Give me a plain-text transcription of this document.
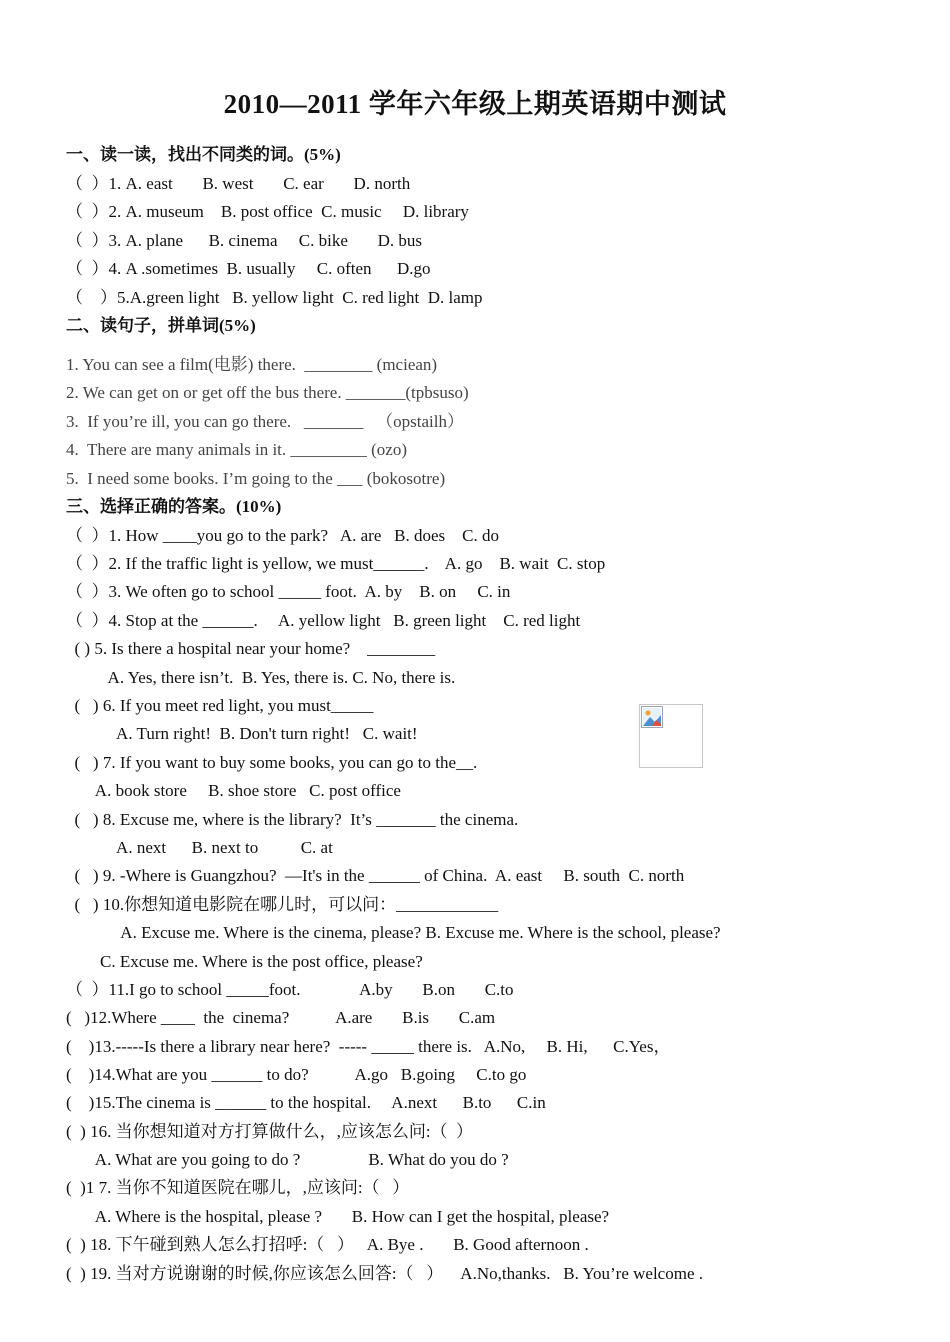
2010—2011 学年六年级上期英语期中测试
一、读一读，找出不同类的词。(5%)
（  ）1. A. east       B. west       C. ear       D. north
（  ）2. A. museum    B. post office  C. music     D. library
（  ）3. A. plane      B. cinema     C. bike       D. bus
（  ）4. A .sometimes  B. usually     C. often      D.go
（    ）5.A.green light   B. yellow light  C. red light  D. lamp
二、读句子，拼单词(5%)
1. You can see a film(电影) there.  ________ (mciean)
2. We can get on or get off the bus there. _______(tpbsuso)
3.  If you’re ill, you can go there.   _______   （opstailh）
4.  There are many animals in it. _________ (ozo)
5.  I need some books. I’m going to the ___ (bokosotre)
三、选择正确的答案。(10%)
（  ）1. How ____you go to the park?   A. are   B. does    C. do
（  ）2. If the traffic light is yellow, we must______.    A. go    B. wait  C. stop
（  ）3. We often go to school _____ foot.  A. by    B. on     C. in
（  ）4. Stop at the ______.     A. yellow light   B. green light    C. red light
( ) 5. Is there a hospital near your home?    ________
A. Yes, there isn’t.  B. Yes, there is. C. No, there is.
(   ) 6. If you meet red light, you must_____
A. Turn right!  B. Don't turn right!   C. wait!
(   ) 7. If you want to buy some books, you can go to the__.
A. book store     B. shoe store   C. post office
(   ) 8. Excuse me, where is the library?  It’s _______ the cinema.
A. next      B. next to          C. at
(   ) 9. -Where is Guangzhou?  —It's in the ______ of China.  A. east     B. south  C. north
(   ) 10.你想知道电影院在哪儿时，可以问：____________
A. Excuse me. Where is the cinema, please? B. Excuse me. Where is the school, please?
C. Excuse me. Where is the post office, please?
（  ）11.I go to school _____foot.              A.by       B.on       C.to
(   )12.Where ____  the  cinema?           A.are       B.is       C.am
(    )13.-----Is there a library near here?  ----- _____ there is.   A.No,     B. Hi,      C.Yes，
(    )14.What are you ______ to do?           A.go   B.going     C.to go
(    )15.The cinema is ______ to the hospital.     A.next      B.to      C.in
(  ) 16. 当你想知道对方打算做什么，,应该怎么问:（  ）
A. What are you going to do ?                B. What do you do ?
(  )1 7. 当你不知道医院在哪儿，,应该问:（   ）
A. Where is the hospital, please ?       B. How can I get the hospital, please?
(  ) 18. 下午碰到熟人怎么打招呼:（   ）   A. Bye .       B. Good afternoon .
(  ) 19. 当对方说谢谢的时候,你应该怎么回答:（   ）    A.No,thanks.   B. You’re welcome .
